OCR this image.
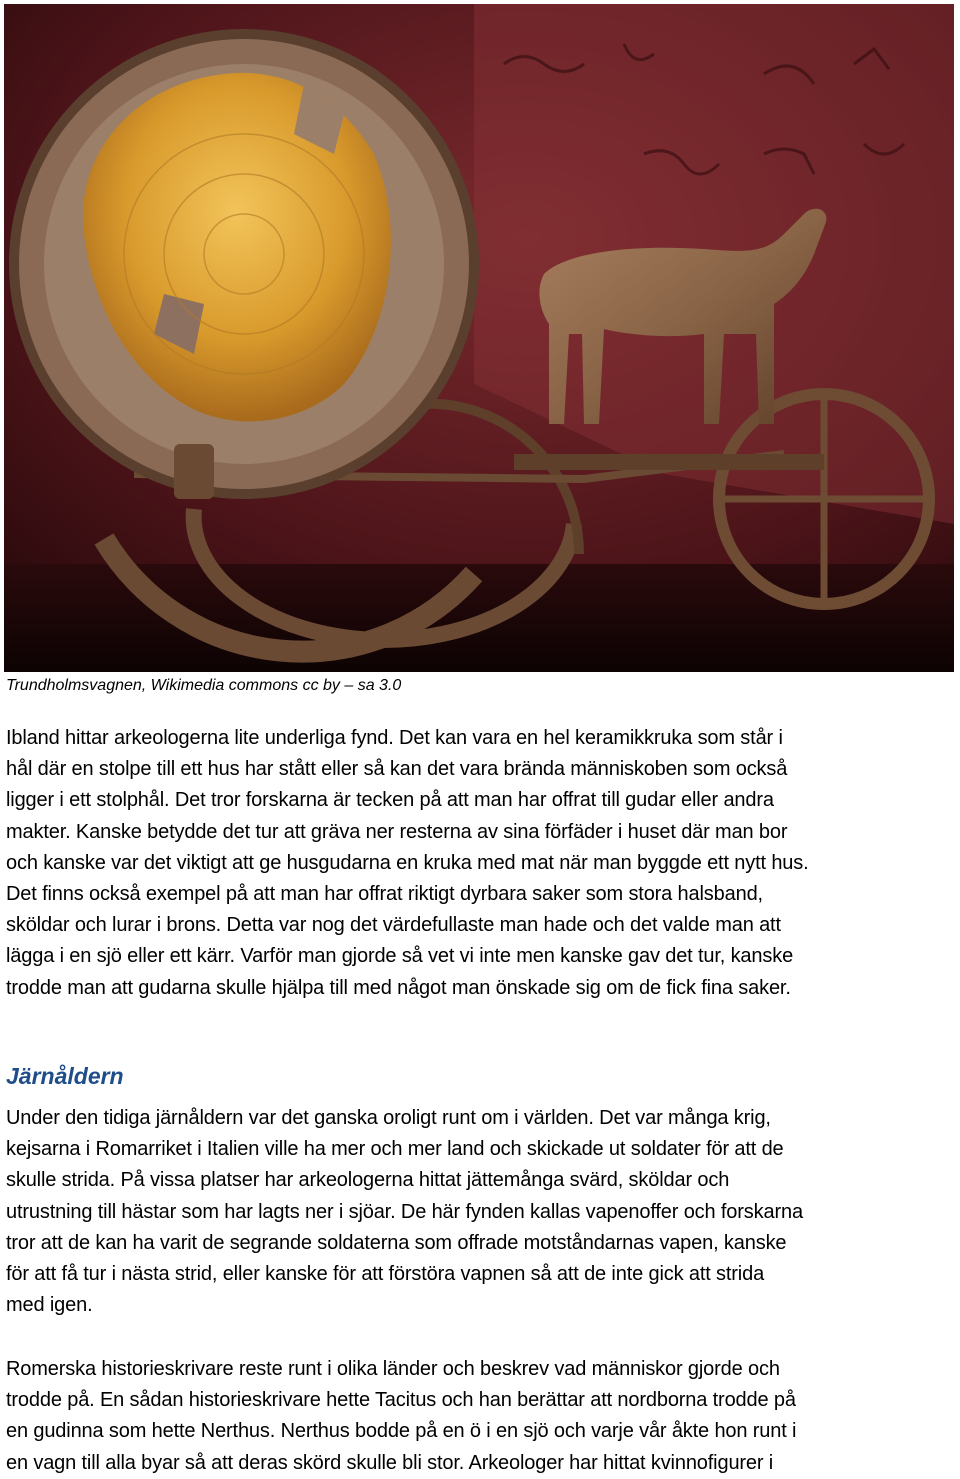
Trundholmsvagnen, Wikimedia commons cc by – sa 3.0

Ibland hittar arkeologerna lite underliga fynd. Det kan vara en hel keramikkruka som står i
hål där en stolpe till ett hus har stått eller så kan det vara brända människoben som också
ligger i ett stolphål. Det tror forskarna är tecken på att man har offrat till gudar eller andra
makter. Kanske betydde det tur att gräva ner resterna av sina förfäder i huset där man bor
och kanske var det viktigt att ge husgudarna en kruka med mat när man byggde ett nytt hus.
Det finns också exempel på att man har offrat riktigt dyrbara saker som stora halsband,
sköldar och lurar i brons. Detta var nog det värdefullaste man hade och det valde man att
lägga i en sjö eller ett kärr. Varför man gjorde så vet vi inte men kanske gav det tur, kanske
trodde man att gudarna skulle hjälpa till med något man önskade sig om de fick fina saker.

Järnåldern

Under den tidiga järnåldern var det ganska oroligt runt om i världen. Det var många krig,
kejsarna i Romarriket i Italien ville ha mer och mer land och skickade ut soldater för att de
skulle strida. På vissa platser har arkeologerna hittat jättemånga svärd, sköldar och
utrustning till hästar som har lagts ner i sjöar. De här fynden kallas vapenoffer och forskarna
tror att de kan ha varit de segrande soldaterna som offrade motståndarnas vapen, kanske
för att få tur i nästa strid, eller kanske för att förstöra vapnen så att de inte gick att strida
med igen.

Romerska historieskrivare reste runt i olika länder och beskrev vad människor gjorde och
trodde på. En sådan historieskrivare hette Tacitus och han berättar att nordborna trodde på
en gudinna som hette Nerthus. Nerthus bodde på en ö i en sjö och varje vår åkte hon runt i
en vagn till alla byar så att deras skörd skulle bli stor. Arkeologer har hittat kvinnofigurer i
